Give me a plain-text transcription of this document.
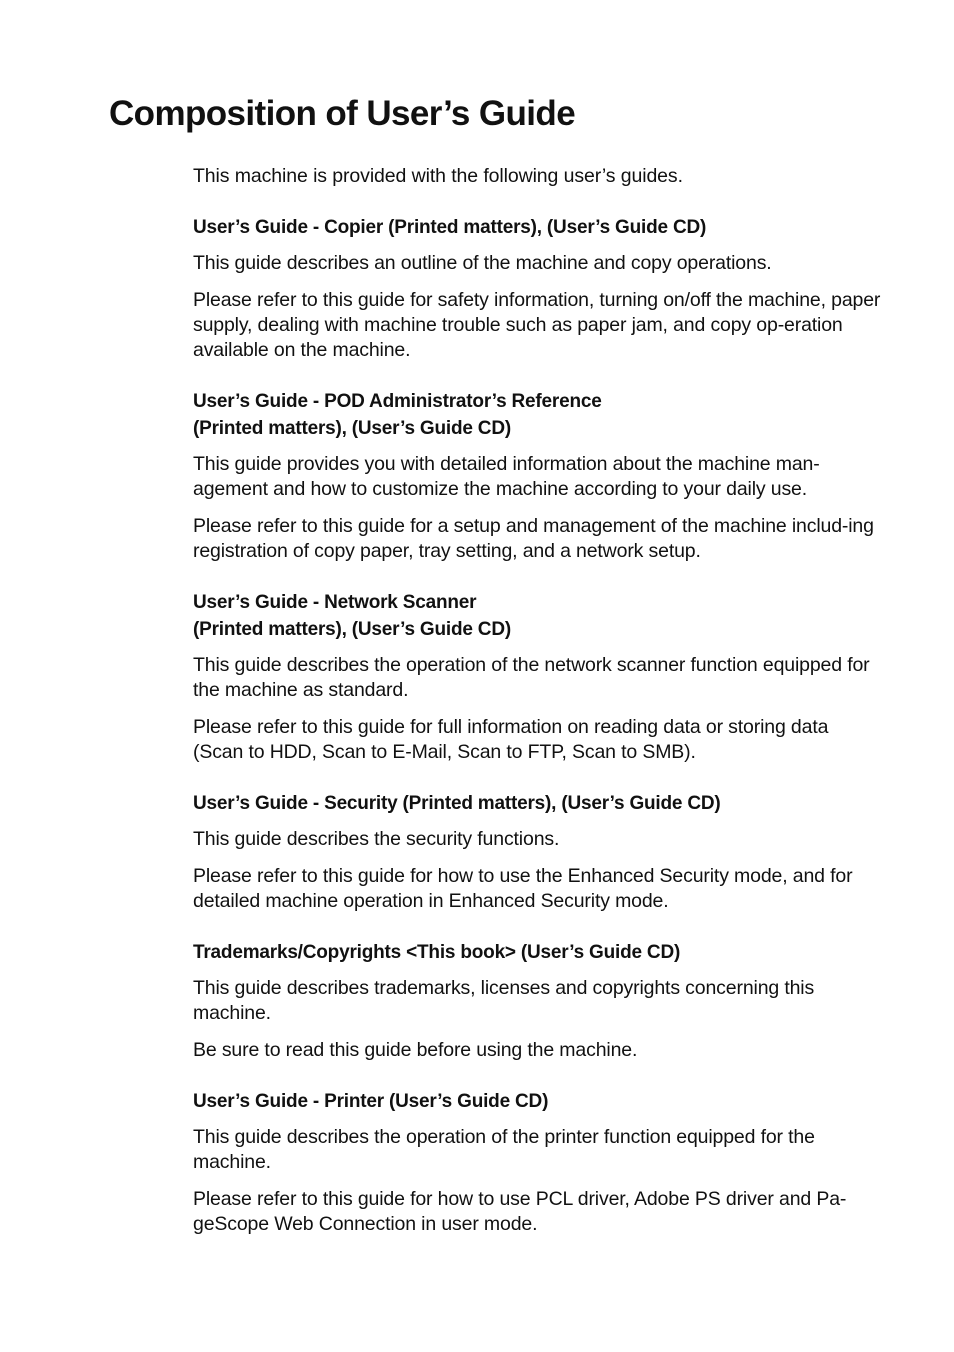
Composition of User’s Guide

This machine is provided with the following user’s guides.

User’s Guide - Copier (Printed matters), (User’s Guide CD)

This guide describes an outline of the machine and copy operations.

Please refer to this guide for safety information, turning on/off the machine, paper supply, dealing with machine trouble such as paper jam, and copy op-eration available on the machine.

User’s Guide - POD Administrator’s Reference
(Printed matters), (User’s Guide CD)

This guide provides you with detailed information about the machine man-agement and how to customize the machine according to your daily use.

Please refer to this guide for a setup and management of the machine includ-ing registration of copy paper, tray setting, and a network setup.

User’s Guide - Network Scanner
(Printed matters), (User’s Guide CD)

This guide describes the operation of the network scanner function equipped for the machine as standard.

Please refer to this guide for full information on reading data or storing data (Scan to HDD, Scan to E-Mail, Scan to FTP, Scan to SMB).

User’s Guide - Security (Printed matters), (User’s Guide CD)

This guide describes the security functions.

Please refer to this guide for how to use the Enhanced Security mode, and for detailed machine operation in Enhanced Security mode.

Trademarks/Copyrights <This book> (User’s Guide CD)

This guide describes trademarks, licenses and copyrights concerning this machine.

Be sure to read this guide before using the machine.

User’s Guide - Printer (User’s Guide CD)

This guide describes the operation of the printer function equipped for the machine.

Please refer to this guide for how to use PCL driver, Adobe PS driver and Pa-geScope Web Connection in user mode.
